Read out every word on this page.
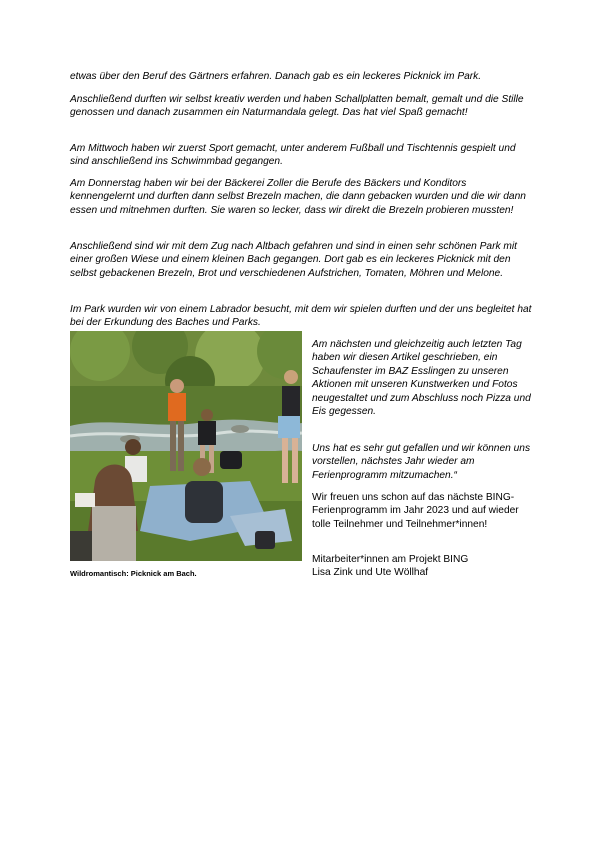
etwas über den Beruf des Gärtners erfahren. Danach gab es ein leckeres Picknick im Park.

Anschließend durften wir selbst kreativ werden und haben Schallplatten bemalt, gemalt und die Stille genossen und danach zusammen ein Naturmandala gelegt. Das hat viel Spaß gemacht!

Am Mittwoch haben wir zuerst Sport gemacht, unter anderem Fußball und Tischtennis gespielt und sind anschließend ins Schwimmbad gegangen.

Am Donnerstag haben wir bei der Bäckerei Zoller die Berufe des Bäckers und Konditors kennengelernt und durften dann selbst Brezeln machen, die dann gebacken wurden und die wir dann essen und mitnehmen durften. Sie waren so lecker, dass wir direkt die Brezeln probieren mussten!

Anschließend sind wir mit dem Zug nach Altbach gefahren und sind in einen sehr schönen Park mit einer großen Wiese und einem kleinen Bach gegangen. Dort gab es ein leckeres Picknick mit den selbst gebackenen Brezeln, Brot und verschiedenen Aufstrichen, Tomaten, Möhren und Melone.

Im Park wurden wir von einem Labrador besucht, mit dem wir spielen durften und der uns begleitet hat bei der Erkundung des Baches und Parks.

Wildromantisch: Picknick am Bach.

Am nächsten und gleichzeitig auch letzten Tag haben wir diesen Artikel geschrieben, ein Schaufenster im BAZ Esslingen zu unseren Aktionen mit unseren Kunstwerken und Fotos neugestaltet und zum Abschluss noch Pizza und Eis gegessen.

Uns hat es sehr gut gefallen und wir können uns vorstellen, nächstes Jahr wieder am Ferienprogramm mitzumachen.“

Wir freuen uns schon auf das nächste BING-Ferienprogramm im Jahr 2023 und auf wieder tolle Teilnehmer und Teilnehmer*innen!

Mitarbeiter*innen am Projekt BING

Lisa Zink und Ute Wöllhaf
